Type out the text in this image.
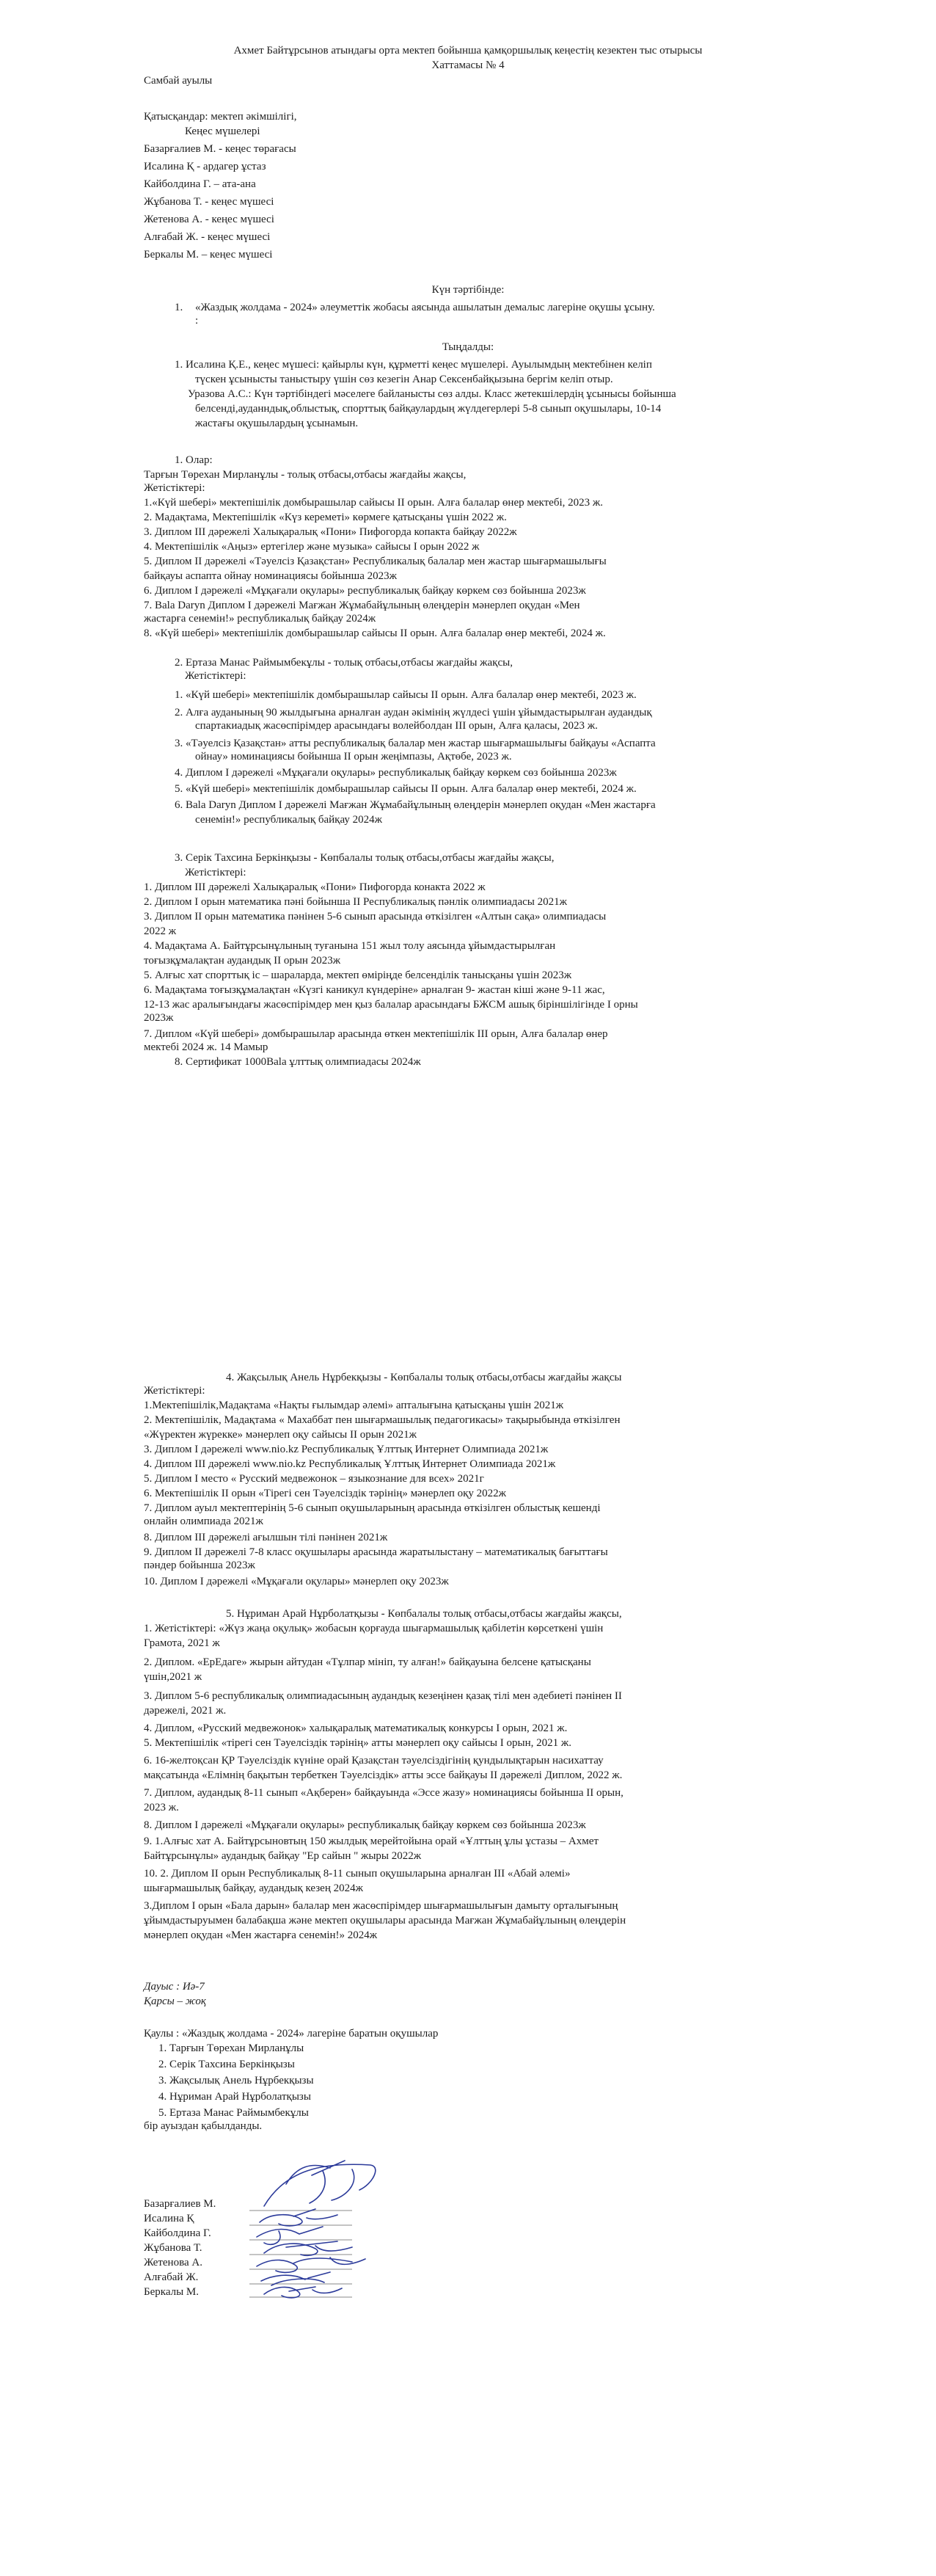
Ахмет Байтұрсынов атындағы орта мектеп бойынша қамқоршылық кеңестің кезектен тыс отырысы
Хаттамасы № 4
Самбай ауылы
Қатысқандар: мектеп әкімшілігі,
Кеңес мүшелері
Базарғалиев М. - кеңес төрағасы
Исалина Қ - ардагер ұстаз
Кайболдина Г. – ата-ана
Жұбанова Т. - кеңес мүшесі
Жетенова А. - кеңес мүшесі
Алғабай Ж. - кеңес мүшесі
Беркалы М. – кеңес мүшесі
Күн тәртібінде:
1. «Жаздық жолдама - 2024» әлеуметтік жобасы аясында ашылатын демалыс лагеріне оқушы ұсыну.
:
Тыңдалды:
1. Исалина Қ.Е., кеңес мүшесі: қайырлы күн, құрметті кеңес мүшелері. Ауылымдың мектебінен келіп
түскен ұсынысты таныстыру үшін сөз кезегін Анар Сексенбайқызына бергім келіп отыр.
Уразова А.С.: Күн тәртібіндегі мәселеге байланысты сөз алды. Класс жетекшілердің ұсынысы бойынша
белсенді,ауданндық,облыстық, спорттық байқаулардың жүлдегерлері 5-8 сынып оқушылары, 10-14
жастағы оқушылардың ұсынамын.
1. Олар:
Тарғын Төрехан Мирланұлы - толық отбасы,отбасы жағдайы жақсы,
Жетістіктері:
1.«Күй шебері» мектепішілік домбырашылар сайысы ІІ орын. Алға балалар өнер мектебі, 2023 ж.
2. Мадақтама, Мектепішілік «Күз кереметі» көрмеге қатысқаны үшін 2022 ж.
3. Диплом ІІІ дәрежелі Халықаралық «Пони» Пифогорда копакта байқау 2022ж
4. Мектепішілік «Аңыз» ертегілер және музыка» сайысы І орын 2022 ж
5. Диплом ІІ дәрежелі «Тәуелсіз Қазақстан» Республикалық балалар мен жастар шығармашылығы
байқауы аспапта ойнау номинациясы бойынша 2023ж
6. Диплом І дәрежелі «Мұқағали оқулары» республикалық байқау көркем сөз бойынша 2023ж
7. Bala Daryn Диплом І дәрежелі Мағжан Жұмабайұлының өлеңдерін мәнерлеп оқудан «Мен
жастарға сенемін!» республикалық байқау 2024ж
8. «Күй шебері» мектепішілік домбырашылар сайысы ІІ орын. Алға балалар өнер мектебі, 2024 ж.
2. Ертаза Манас Раймымбекұлы - толық отбасы,отбасы жағдайы жақсы,
Жетістіктері:
1. «Күй шебері» мектепішілік домбырашылар сайысы ІІ орын. Алға балалар өнер мектебі, 2023 ж.
2. Алға ауданының 90 жылдығына арналған аудан әкімінің жүлдесі үшін ұйымдастырылған аудандық
спартакиадық жасөспірімдер арасындағы волейболдан ІІІ орын, Алға қаласы, 2023 ж.
3. «Тәуелсіз Қазақстан» атты республикалық балалар мен жастар шығармашылығы байқауы «Аспапта
ойнау» номинациясы бойынша ІІ орын жеңімпазы, Ақтөбе, 2023 ж.
4. Диплом І дәрежелі «Мұқағали оқулары» республикалық байқау көркем сөз бойынша 2023ж
5. «Күй шебері» мектепішілік домбырашылар сайысы ІІ орын. Алға балалар өнер мектебі, 2024 ж.
6. Bala Daryn Диплом І дәрежелі Мағжан Жұмабайұлының өлеңдерін мәнерлеп оқудан «Мен жастарға
сенемін!» республикалық байқау 2024ж
3. Серік Тахсина Беркінқызы - Көпбалалы толық отбасы,отбасы жағдайы жақсы,
Жетістіктері:
1. Диплом ІІІ дәрежелі Халықаралық «Пони» Пифогорда конакта 2022 ж
2. Диплом І орын математика пәні бойынша ІІ Республикалық пәнлік олимпиадасы 2021ж
3. Диплом ІІ орын математика пәнінен 5-6 сынып арасында өткізілген «Алтын сақа» олимпиадасы
2022 ж
4. Мадақтама А. Байтұрсынұлының туғанына 151 жыл толу аясында ұйымдастырылған
тоғызқұмалақтан аудандық ІІ орын 2023ж
5. Алғыс хат спорттық іс – шараларда, мектеп өміріңде белсенділік танысқаны үшін 2023ж
6. Мадақтама тоғызқұмалақтан «Күзгі каникул күндеріне» арналған 9- жастан кіші және 9-11 жас,
12-13 жас аралығындағы жасөспірімдер мен қыз балалар арасындағы БЖСМ ашық біріншілігінде І орны
2023ж
7. Диплом «Күй шебері» домбырашылар арасында өткен мектепішілік ІІІ орын, Алға балалар өнер
мектебі 2024 ж. 14 Мамыр
8. Сертификат 1000Bala ұлттық олимпиадасы 2024ж
4. Жақсылық Анель Нұрбекқызы - Көпбалалы толық отбасы,отбасы жағдайы жақсы
Жетістіктері:
1.Мектепішілік,Мадақтама «Нақты ғылымдар әлемі» апталығына қатысқаны үшін 2021ж
2. Мектепішілік, Мадақтама « Махаббат пен шығармашылық педагогикасы» тақырыбында өткізілген
«Жүректен жүрекке» мәнерлеп оқу сайысы ІІ орын 2021ж
3. Диплом І дәрежелі www.nio.kz Республикалық Ұлттық Интернет Олимпиада 2021ж
4. Диплом ІІІ дәрежелі www.nio.kz Республикалық Ұлттық Интернет Олимпиада 2021ж
5. Диплом І место « Русский медвежонок – языкознание для всех» 2021г
6. Мектепішілік ІІ орын «Тірегі сен Тәуелсіздік тәрінің» мәнерлеп оқу 2022ж
7. Диплом ауыл мектептерінің 5-6 сынып оқушыларының арасында өткізілген облыстық кешенді
онлайн олимпиада 2021ж
8. Диплом ІІІ дәрежелі ағылшын тілі пәнінен 2021ж
9. Диплом ІІ дәрежелі 7-8 класс оқушылары арасында жаратылыстану – математикалық бағыттағы
пәндер бойынша 2023ж
10. Диплом І дәрежелі «Мұқағали оқулары» мәнерлеп оқу 2023ж
5. Нұриман Арай Нұрболатқызы - Көпбалалы толық отбасы,отбасы жағдайы жақсы,
1. Жетістіктері: «Жүз жаңа оқулық» жобасын қорғауда шығармашылық қабілетін көрсеткені үшін
Грамота, 2021 ж
2. Диплом. «ЕрЕдаге» жырын айтудан «Тұлпар мініп, ту алған!» байқауына белсене қатысқаны
үшін,2021 ж
3. Диплом 5-6 республикалық олимпиадасының аудандық кезеңінен қазақ тілі мен әдебиеті пәнінен ІІ
дәрежелі, 2021 ж.
4. Диплом, «Русский медвежонок» халықаралық математикалық конкурсы І орын, 2021 ж.
5. Мектепішілік «тірегі сен Тәуелсіздік тәрінің» атты мәнерлеп оқу сайысы І орын, 2021 ж.
6. 16-желтоқсан ҚР Тәуелсіздік күніне орай Қазақстан тәуелсіздігінің қундылықтарын насихаттау
мақсатында «Елімнің бақытын тербеткен Тәуелсіздік» атты эссе байқауы ІІ дәрежелі Диплом, 2022 ж.
7. Диплом, аудандық 8-11 сынып «Ақберен» байқауында «Эссе жазу» номинациясы бойынша ІІ орын,
2023 ж.
8. Диплом І дәрежелі «Мұқағали оқулары» республикалық байқау көркем сөз бойынша 2023ж
9. 1.Алғыс хат А. Байтұрсыновтың 150 жылдық мерейтойына орай «Ұлттың ұлы ұстазы – Ахмет
Байтұрсынұлы» аудандық байқау "Ер сайын " жыры 2022ж
10. 2. Диплом ІІ орын Республикалық 8-11 сынып оқушыларына арналған ІІІ «Абай әлемі»
шығармашылық байқау, аудандық кезең 2024ж
3.Диплом І орын «Бала дарын» балалар мен жасөспірімдер шығармашылығын дамыту орталығының
ұйымдастыруымен балабақша және мектеп оқушылары арасында Мағжан Жұмабайұлының өлеңдерін
мәнерлеп оқудан «Мен жастарға сенемін!» 2024ж
Дауыс : Иә-7
Қарсы – жоқ
Қаулы : «Жаздық жолдама - 2024» лагеріне баратын оқушылар
1. Тарғын Төрехан Мирланұлы
2. Серік Тахсина Беркінқызы
3. Жақсылық Анель Нұрбекқызы
4. Нұриман Арай Нұрболатқызы
5. Ертаза Манас Раймымбекұлы
бір ауыздан қабылданды.
Базарғалиев М.
Исалина Қ
Кайболдина Г.
Жұбанова Т.
Жетенова А.
Алғабай Ж.
Беркалы М.
